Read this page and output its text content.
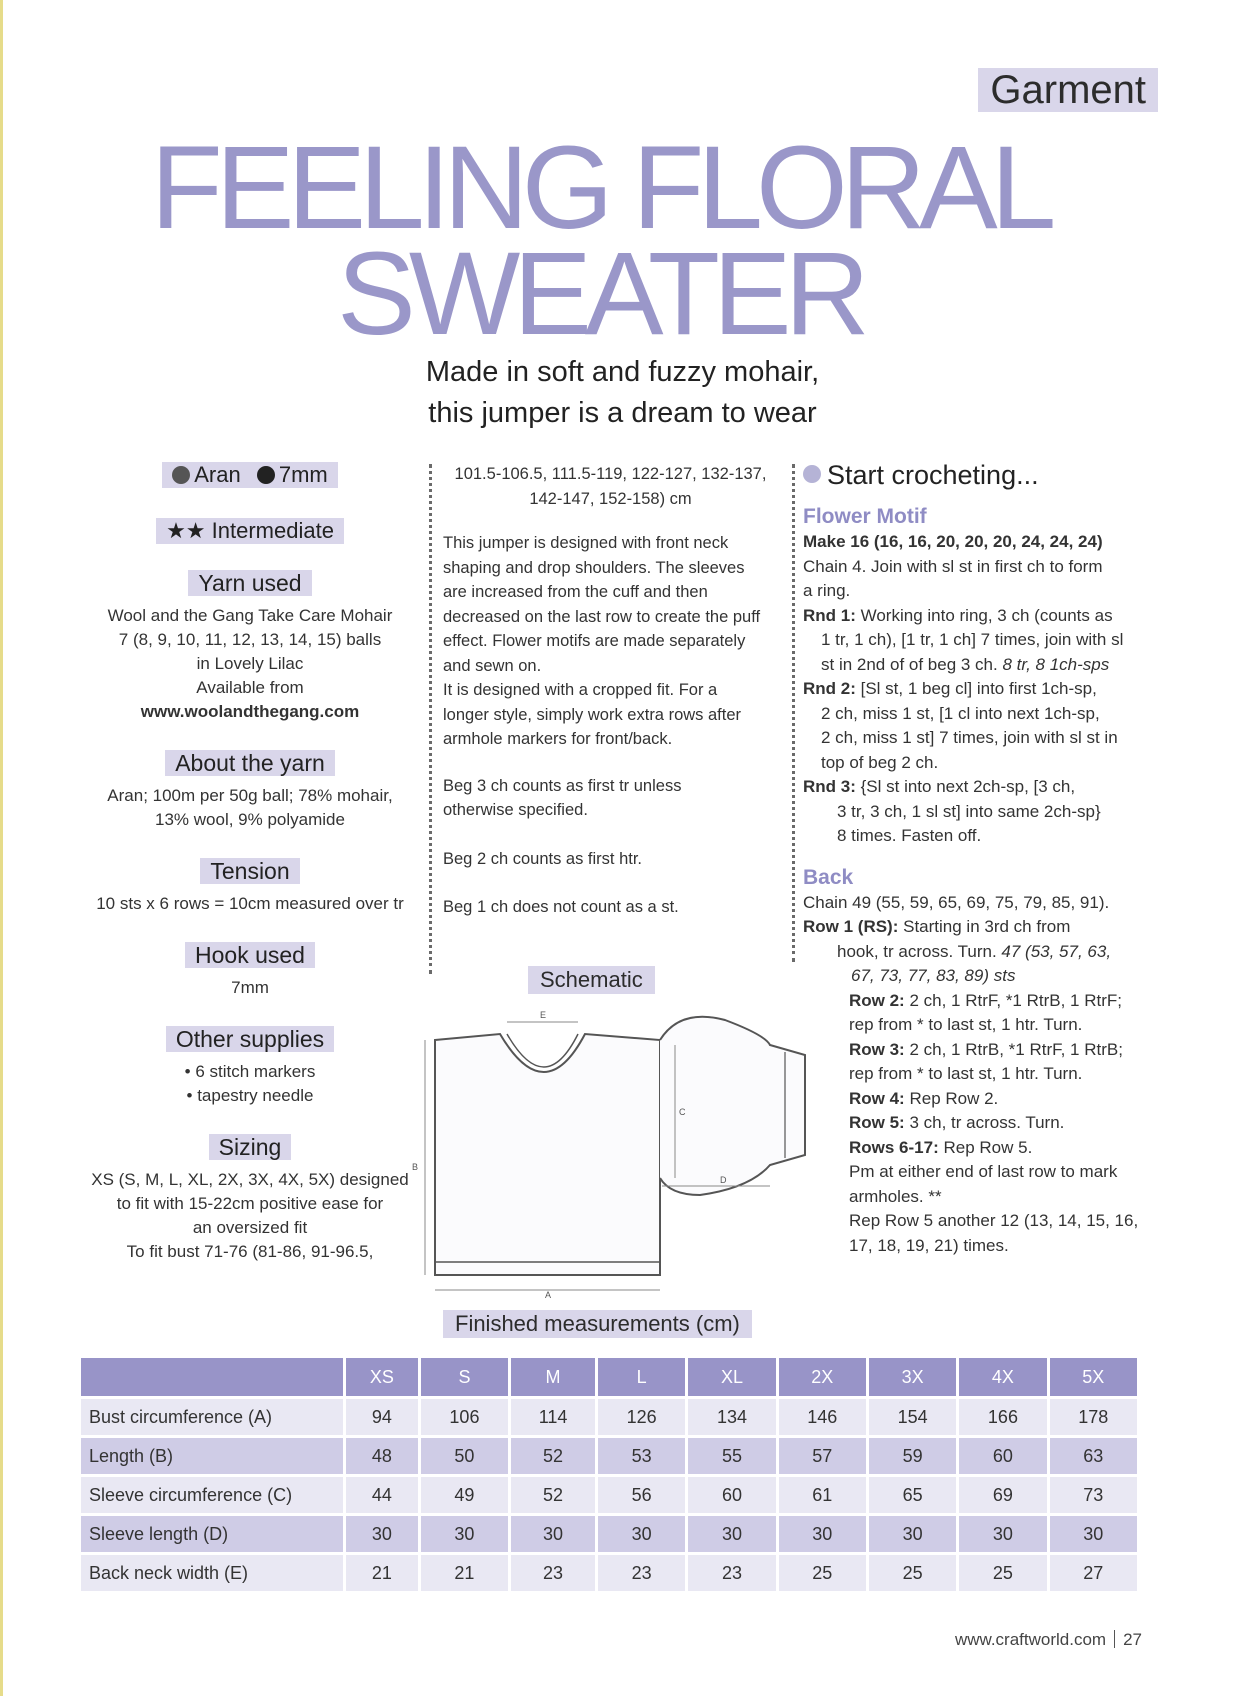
Garment
FEELING FLORAL
SWEATER
Made in soft and fuzzy mohair,
this jumper is a dream to wear
Aran 7mm
★★ Intermediate
Yarn used

Wool and the Gang Take Care Mohair

7 (8, 9, 10, 11, 12, 13, 14, 15) balls

in Lovely Lilac

Available from

www.woolandthegang.com

About the yarn

Aran; 100m per 50g ball; 78% mohair,

13% wool, 9% polyamide

Tension

10 sts x 6 rows = 10cm measured over tr

Hook used

7mm

Other supplies

• 6 stitch markers

• tapestry needle

Sizing

XS (S, M, L, XL, 2X, 3X, 4X, 5X) designed

to fit with 15-22cm positive ease for

an oversized fit

To fit bust 71-76 (81-86, 91-96.5,

101.5-106.5, 111.5-119, 122-127, 132-137,

142-147, 152-158) cm

This jumper is designed with front neck

shaping and drop shoulders. The sleeves

are increased from the cuff and then

decreased on the last row to create the puff

effect. Flower motifs are made separately

and sewn on.

It is designed with a cropped fit. For a

longer style, simply work extra rows after

armhole markers for front/back.

Beg 3 ch counts as first tr unless

otherwise specified.

Beg 2 ch counts as first htr.

Beg 1 ch does not count as a st.

Start crocheting...
Flower Motif

Make 16 (16, 16, 20, 20, 20, 24, 24, 24)

Chain 4. Join with sl st in first ch to form

a ring.

Rnd 1: Working into ring, 3 ch (counts as

1 tr, 1 ch), [1 tr, 1 ch] 7 times, join with sl

st in 2nd of of beg 3 ch. 8 tr, 8 1ch-sps

Rnd 2: [Sl st, 1 beg cl] into first 1ch-sp,

2 ch, miss 1 st, [1 cl into next 1ch-sp,

2 ch, miss 1 st] 7 times, join with sl st in

top of beg 2 ch.

Rnd 3: {Sl st into next 2ch-sp, [3 ch,

3 tr, 3 ch, 1 sl st] into same 2ch-sp}

8 times. Fasten off.

Back

Chain 49 (55, 59, 65, 69, 75, 79, 85, 91).

Row 1 (RS): Starting in 3rd ch from

hook, tr across. Turn. 47 (53, 57, 63,

67, 73, 77, 83, 89) sts

Row 2: 2 ch, 1 RtrF, *1 RtrB, 1 RtrF;

rep from * to last st, 1 htr. Turn.

Row 3: 2 ch, 1 RtrB, *1 RtrF, 1 RtrB;

rep from * to last st, 1 htr. Turn.

Row 4: Rep Row 2.

Row 5: 3 ch, tr across. Turn.

Rows 6-17: Rep Row 5.

Pm at either end of last row to mark

armholes. **

Rep Row 5 another 12 (13, 14, 15, 16,

17, 18, 19, 21) times.

Schematic
E
B
A
C
D
Finished measurements (cm)
	XS	S	M	L	XL	2X	3X	4X	5X
Bust circumference (A)	94	106	114	126	134	146	154	166	178
Length (B)	48	50	52	53	55	57	59	60	63
Sleeve circumference (C)	44	49	52	56	60	61	65	69	73
Sleeve length (D)	30	30	30	30	30	30	30	30	30
Back neck width (E)	21	21	23	23	23	25	25	25	27
www.craftworld.com 27
